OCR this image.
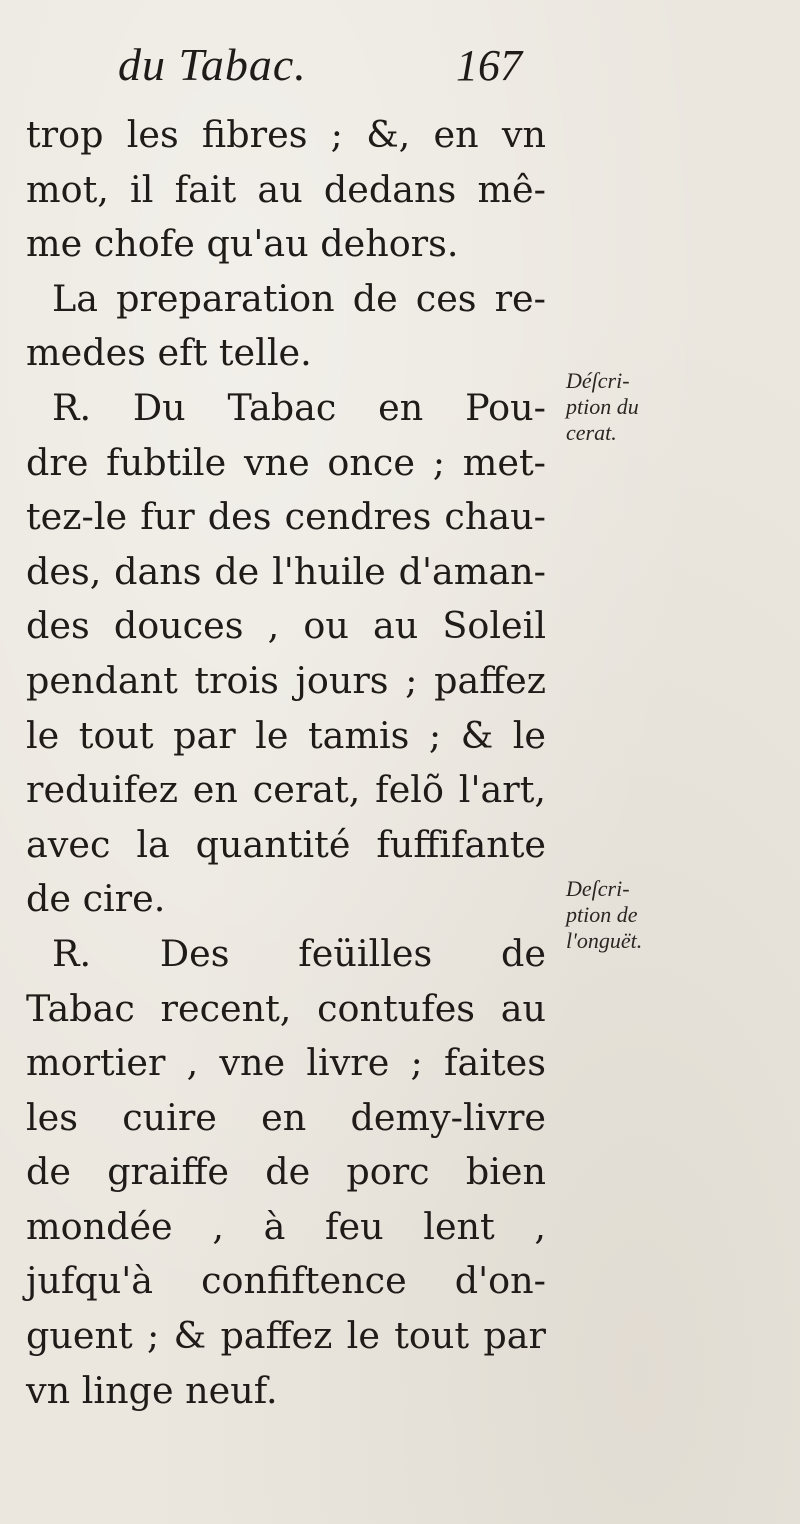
du Tabac.	167
trop les fibres ; &, en vn
mot, il fait au dedans mê-
me chofe qu'au dehors.
La preparation de ces re-
medes eft telle.
R. Du Tabac en Pou-
dre fubtile vne once ; met-
tez-le fur des cendres chau-
des, dans de l'huile d'aman-
des douces , ou au Soleil
pendant trois jours ; paffez
le tout par le tamis ; & le
reduifez en cerat, felõ l'art,
avec la quantité fuffifante
de cire.
R. Des feüilles de
Tabac recent, contufes au
mortier , vne livre ; faites
les cuire en demy-livre
de graiffe de porc bien
mondée , à feu lent ,
jufqu'à confiftence d'on-
guent ; & paffez le tout par
vn linge neuf.
Déſcri-
ption du
cerat.
Deſcri-
ption de
l'onguët.
